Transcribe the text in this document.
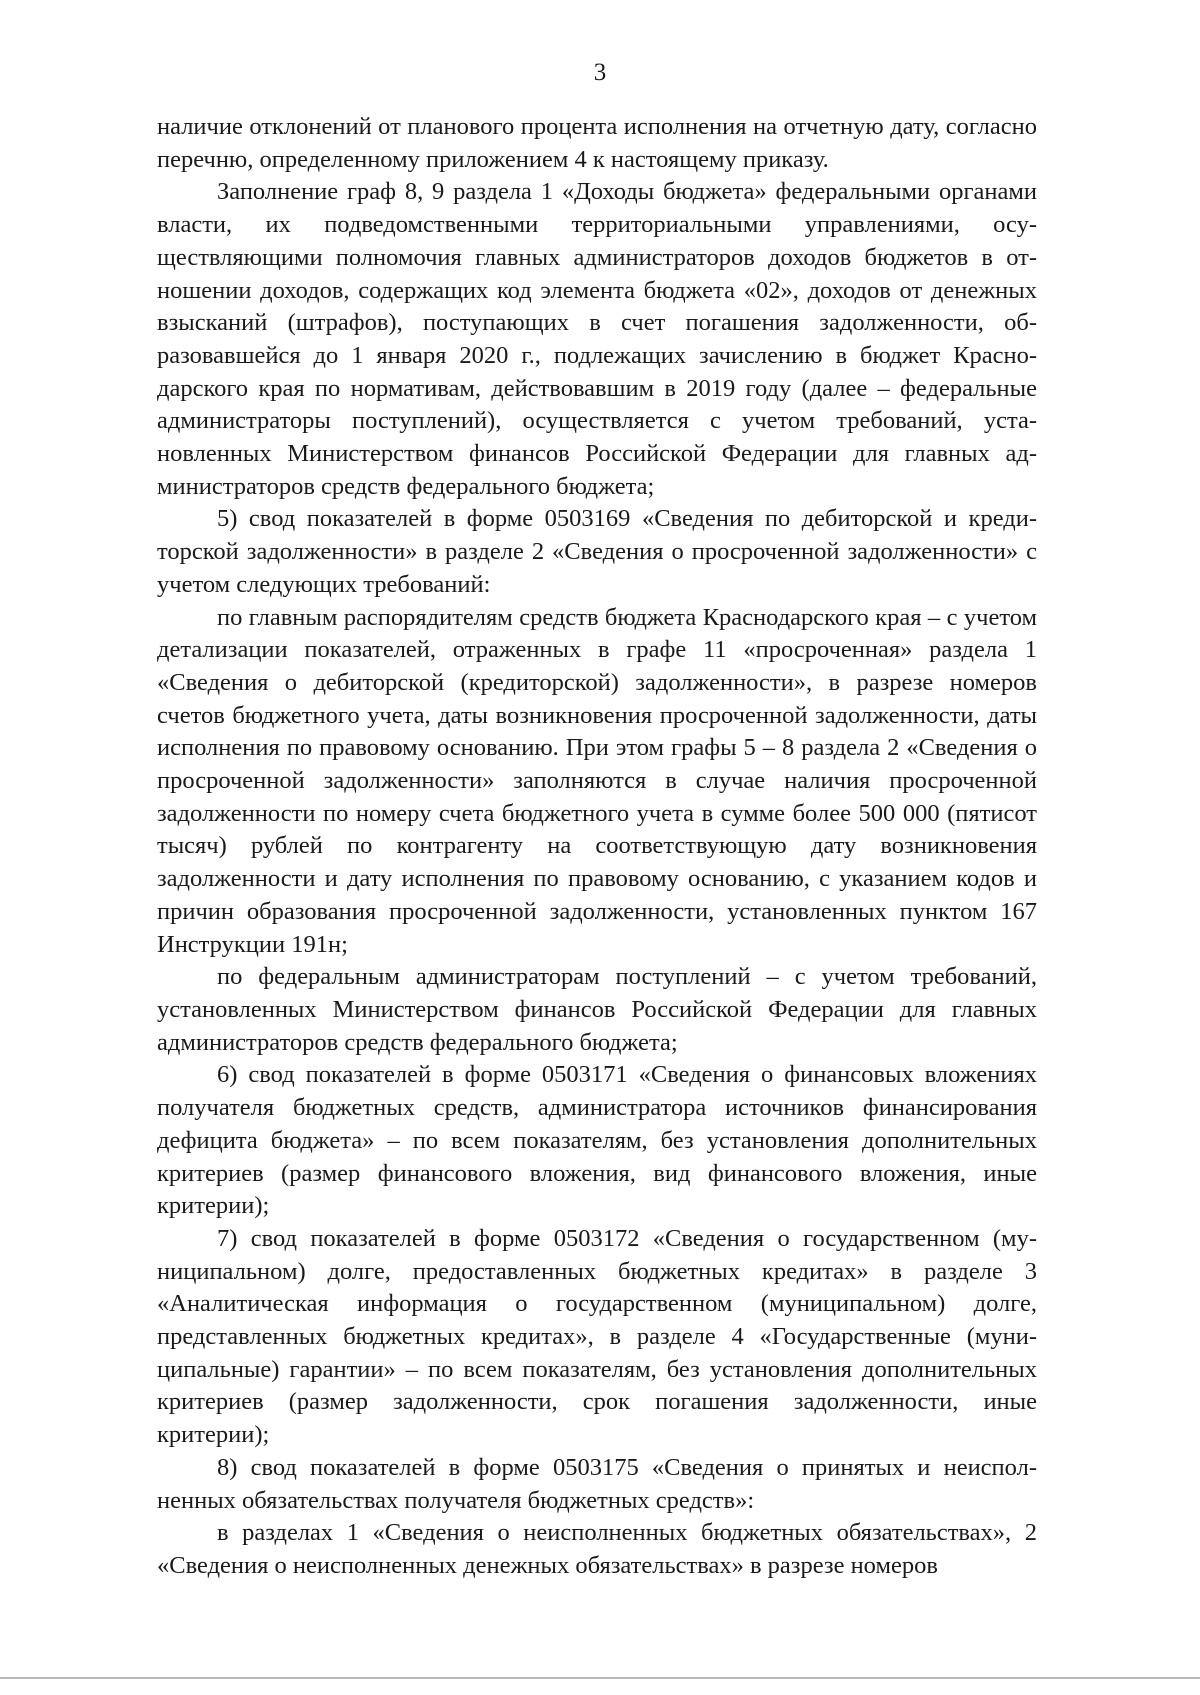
3

наличие отклонений от планового процента исполнения на отчетную дату, согласно перечню, определенному приложением 4 к настоящему приказу.

Заполнение граф 8, 9 раздела 1 «Доходы бюджета» федеральными органами власти, их подведомственными территориальными управлениями, осуществляющими полномочия главных администраторов доходов бюджетов в отношении доходов, содержащих код элемента бюджета «02», доходов от денежных взысканий (штрафов), поступающих в счет погашения задолженности, образовавшейся до 1 января 2020 г., подлежащих зачислению в бюджет Краснодарского края по нормативам, действовавшим в 2019 году (далее – федеральные администраторы поступлений), осуществляется с учетом требований, установленных Министерством финансов Российской Федерации для главных администраторов средств федерального бюджета;

5) свод показателей в форме 0503169 «Сведения по дебиторской и кредиторской задолженности» в разделе 2 «Сведения о просроченной задолженности» с учетом следующих требований:

по главным распорядителям средств бюджета Краснодарского края – с учетом детализации показателей, отраженных в графе 11 «просроченная» раздела 1 «Сведения о дебиторской (кредиторской) задолженности», в разрезе номеров счетов бюджетного учета, даты возникновения просроченной задолженности, даты исполнения по правовому основанию. При этом графы 5 – 8 раздела 2 «Сведения о просроченной задолженности» заполняются в случае наличия просроченной задолженности по номеру счета бюджетного учета в сумме более 500 000 (пятисот тысяч) рублей по контрагенту на соответствующую дату возникновения задолженности и дату исполнения по правовому основанию, с указанием кодов и причин образования просроченной задолженности, установленных пунктом 167 Инструкции 191н;

по федеральным администраторам поступлений – с учетом требований, установленных Министерством финансов Российской Федерации для главных администраторов средств федерального бюджета;

6) свод показателей в форме 0503171 «Сведения о финансовых вложениях получателя бюджетных средств, администратора источников финансирования дефицита бюджета» – по всем показателям, без установления дополнительных критериев (размер финансового вложения, вид финансового вложения, иные критерии);

7) свод показателей в форме 0503172 «Сведения о государственном (муниципальном) долге, предоставленных бюджетных кредитах» в разделе 3 «Аналитическая информация о государственном (муниципальном) долге, представленных бюджетных кредитах», в разделе 4 «Государственные (муниципальные) гарантии» – по всем показателям, без установления дополнительных критериев (размер задолженности, срок погашения задолженности, иные критерии);

8) свод показателей в форме 0503175 «Сведения о принятых и неисполненных обязательствах получателя бюджетных средств»:

в разделах 1 «Сведения о неисполненных бюджетных обязательствах», 2 «Сведения о неисполненных денежных обязательствах» в разрезе номеров
